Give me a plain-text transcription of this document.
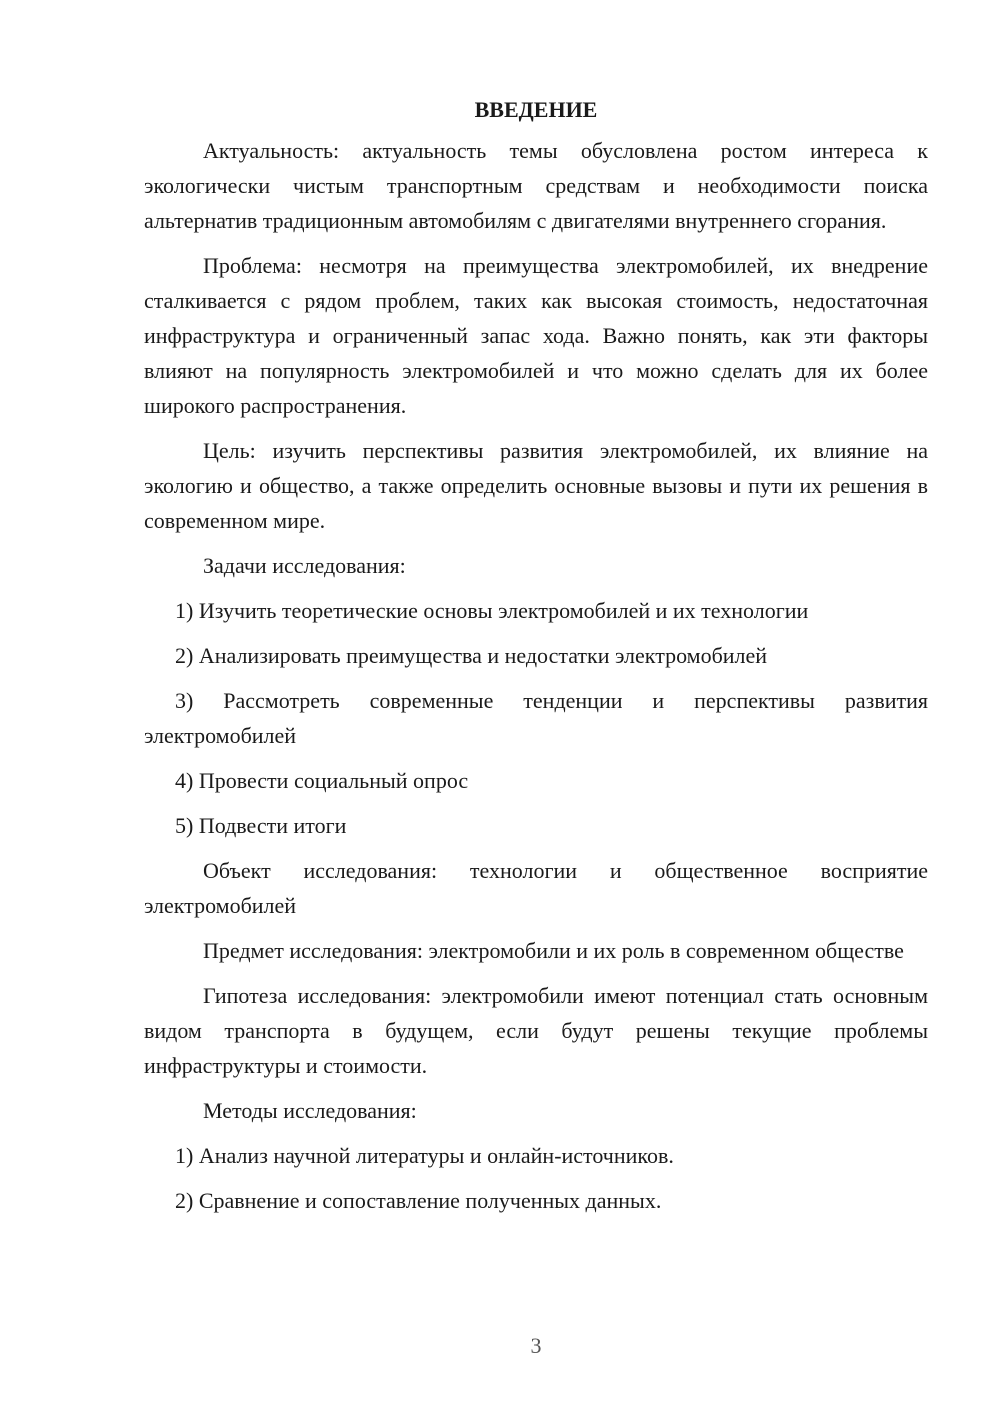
ВВЕДЕНИЕ

Актуальность: актуальность темы обусловлена ростом интереса к экологически чистым транспортным средствам и необходимости поиска альтернатив традиционным автомобилям с двигателями внутреннего сгорания.

Проблема: несмотря на преимущества электромобилей, их внедрение сталкивается с рядом проблем, таких как высокая стоимость, недостаточная инфраструктура и ограниченный запас хода. Важно понять, как эти факторы влияют на популярность электромобилей и что можно сделать для их более широкого распространения.

Цель: изучить перспективы развития электромобилей, их влияние на экологию и общество, а также определить основные вызовы и пути их решения в современном мире.

Задачи исследования:

1) Изучить теоретические основы электромобилей и их технологии

2) Анализировать преимущества и недостатки электромобилей

3) Рассмотреть современные тенденции и перспективы развития электромобилей

4) Провести социальный опрос

5) Подвести итоги

Объект исследования: технологии и общественное восприятие электромобилей

Предмет исследования: электромобили и их роль в современном обществе

Гипотеза исследования: электромобили имеют потенциал стать основным видом транспорта в будущем, если будут решены текущие проблемы инфраструктуры и стоимости.

Методы исследования:

1) Анализ научной литературы и онлайн-источников.

2) Сравнение и сопоставление полученных данных.

3
